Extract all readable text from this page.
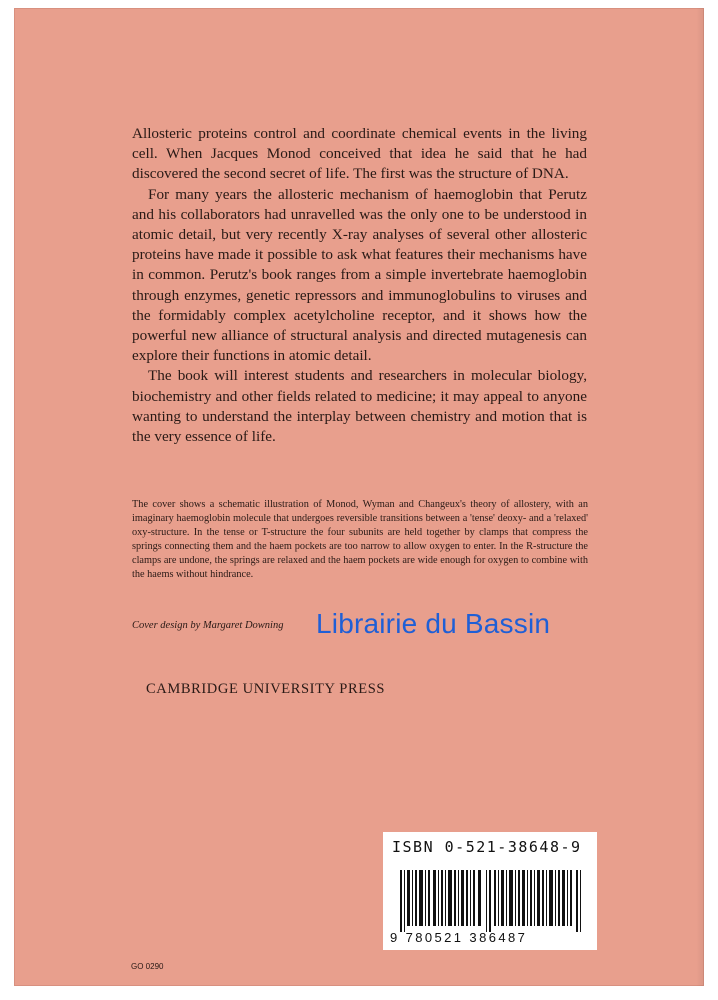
Allosteric proteins control and coordinate chemical events in the living cell. When Jacques Monod conceived that idea he said that he had discovered the second secret of life. The first was the structure of DNA.

For many years the allosteric mechanism of haemoglobin that Perutz and his collaborators had unravelled was the only one to be understood in atomic detail, but very recently X-ray analyses of several other allosteric proteins have made it possible to ask what features their mechanisms have in common. Perutz's book ranges from a simple invertebrate haemoglobin through enzymes, genetic repressors and immunoglobulins to viruses and the formidably complex acetylcholine receptor, and it shows how the powerful new alliance of structural analysis and directed mutagenesis can explore their functions in atomic detail.

The book will interest students and researchers in molecular biology, biochemistry and other fields related to medicine; it may appeal to anyone wanting to understand the interplay between chemistry and motion that is the very essence of life.

The cover shows a schematic illustration of Monod, Wyman and Changeux's theory of allostery, with an imaginary haemoglobin molecule that undergoes reversible transitions between a 'tense' deoxy- and a 'relaxed' oxy-structure. In the tense or T-structure the four subunits are held together by clamps that compress the springs connecting them and the haem pockets are too narrow to allow oxygen to enter. In the R-structure the clamps are undone, the springs are relaxed and the haem pockets are wide enough for oxygen to combine with the haems without hindrance.

Cover design by Margaret Downing Librairie du Bassin
CAMBRIDGE UNIVERSITY PRESS
ISBN 0-521-38648-9
9 780521 386487
GO 0290
